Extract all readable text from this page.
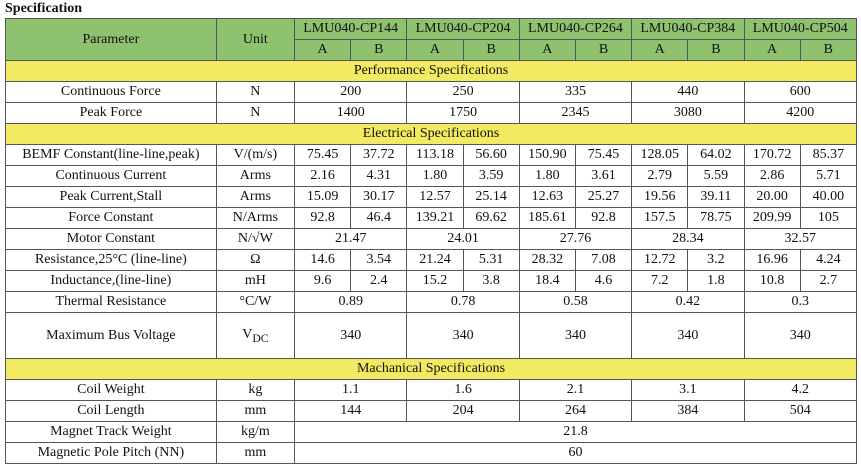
Specification
Parameter	Unit	LMU040-CP144		LMU040-CP204		LMU040-CP264		LMU040-CP384		LMU040-CP504	
		A	B	A	B	A	B	A	B	A	B
Performance Specifications											
Continuous Force	N	200		250		335		440		600	
Peak Force	N	1400		1750		2345		3080		4200	
Electrical Specifications											
BEMF Constant(line-line,peak)	V/(m/s)	75.45	37.72	113.18	56.60	150.90	75.45	128.05	64.02	170.72	85.37
Continuous Current	Arms	2.16	4.31	1.80	3.59	1.80	3.61	2.79	5.59	2.86	5.71
Peak Current,Stall	Arms	15.09	30.17	12.57	25.14	12.63	25.27	19.56	39.11	20.00	40.00
Force Constant	N/Arms	92.8	46.4	139.21	69.62	185.61	92.8	157.5	78.75	209.99	105
Motor Constant	N/√W	21.47		24.01		27.76		28.34		32.57	
Resistance,25°C (line-line)	Ω	14.6	3.54	21.24	5.31	28.32	7.08	12.72	3.2	16.96	4.24
Inductance,(line-line)	mH	9.6	2.4	15.2	3.8	18.4	4.6	7.2	1.8	10.8	2.7
Thermal Resistance	°C/W	0.89		0.78		0.58		0.42		0.3	
Maximum Bus Voltage	$V_{DC}$	340		340		340		340		340	
Machanical Specifications											
Coil Weight	kg	1.1		1.6		2.1		3.1		4.2	
Coil Length	mm	144		204		264		384		504	
Magnet Track Weight	kg/m	21.8									
Magnetic Pole Pitch (NN)	mm	60									
